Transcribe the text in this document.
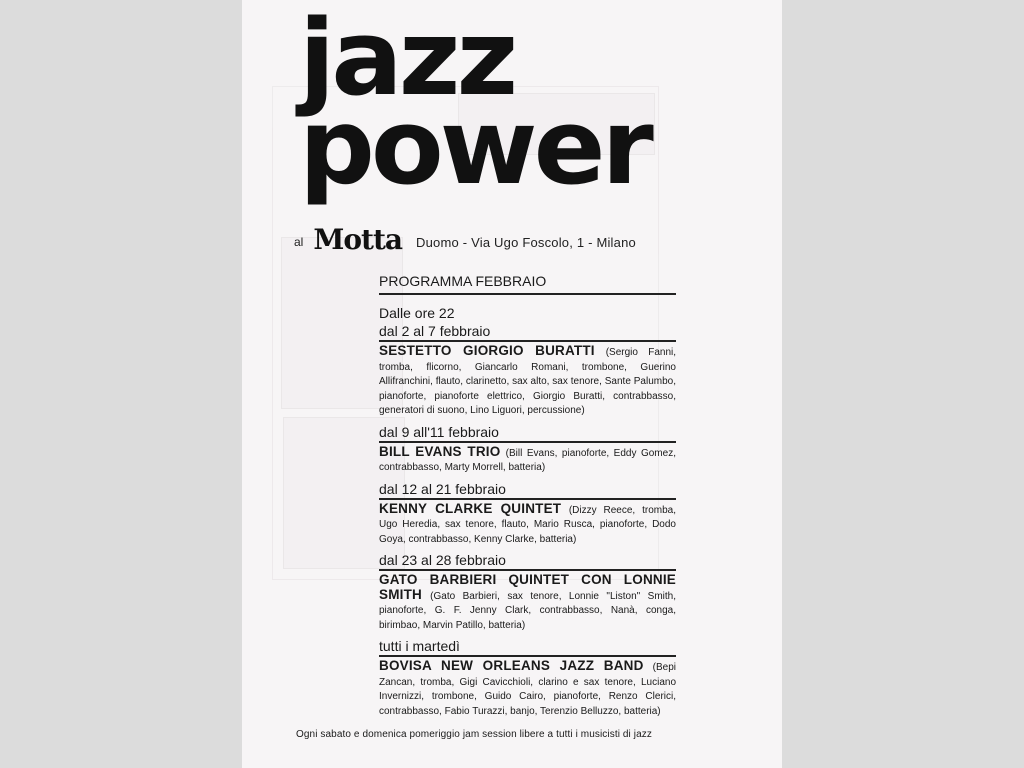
jazz
power
al Motta Duomo - Via Ugo Foscolo, 1 - Milano
PROGRAMMA FEBBRAIO
Dalle ore 22
dal 2 al 7 febbraio
SESTETTO GIORGIO BURATTI (Sergio Fanni, tromba, flicorno, Giancarlo Romani, trombone, Guerino Allifranchini, flauto, clarinetto, sax alto, sax tenore, Sante Palumbo, pianoforte, pianoforte elettrico, Giorgio Buratti, contrabbasso, generatori di suono, Lino Liguori, percussione)
dal 9 all'11 febbraio
BILL EVANS TRIO (Bill Evans, pianoforte, Eddy Gomez, contrabbasso, Marty Morrell, batteria)
dal 12 al 21 febbraio
KENNY CLARKE QUINTET (Dizzy Reece, tromba, Ugo Heredia, sax tenore, flauto, Mario Rusca, pianoforte, Dodo Goya, contrabbasso, Kenny Clarke, batteria)
dal 23 al 28 febbraio
GATO BARBIERI QUINTET CON LONNIE SMITH (Gato Barbieri, sax tenore, Lonnie "Liston" Smith, pianoforte, G. F. Jenny Clark, contrabbasso, Nanà, conga, birimbao, Marvin Patillo, batteria)
tutti i martedì
BOVISA NEW ORLEANS JAZZ BAND (Bepi Zancan, tromba, Gigi Cavicchioli, clarino e sax tenore, Luciano Invernizzi, trombone, Guido Cairo, pianoforte, Renzo Clerici, contrabbasso, Fabio Turazzi, banjo, Terenzio Belluzzo, batteria)
Ogni sabato e domenica pomeriggio jam session libere a tutti i musicisti di jazz
